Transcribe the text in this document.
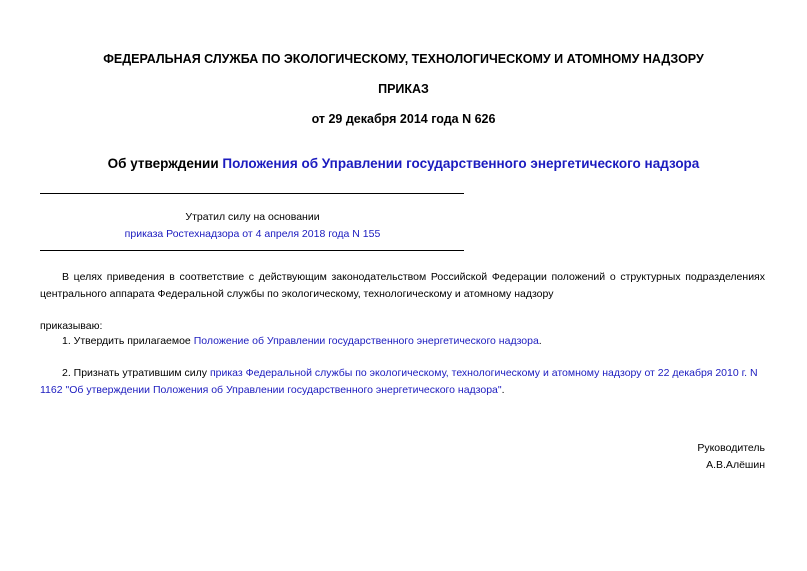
ФЕДЕРАЛЬНАЯ СЛУЖБА ПО ЭКОЛОГИЧЕСКОМУ, ТЕХНОЛОГИЧЕСКОМУ И АТОМНОМУ НАДЗОРУ
ПРИКАЗ
от 29 декабря 2014 года N 626
Об утверждении Положения об Управлении государственного энергетического надзора
Утратил силу на основании
приказа Ростехнадзора от 4 апреля 2018 года N 155
В целях приведения в соответствие с действующим законодательством Российской Федерации положений о структурных подразделениях центрального аппарата Федеральной службы по экологическому, технологическому и атомному надзору
приказываю:
1. Утвердить прилагаемое Положение об Управлении государственного энергетического надзора.
2. Признать утратившим силу приказ Федеральной службы по экологическому, технологическому и атомному надзору от 22 декабря 2010 г. N 1162 "Об утверждении Положения об Управлении государственного энергетического надзора".
Руководитель
А.В.Алёшин
